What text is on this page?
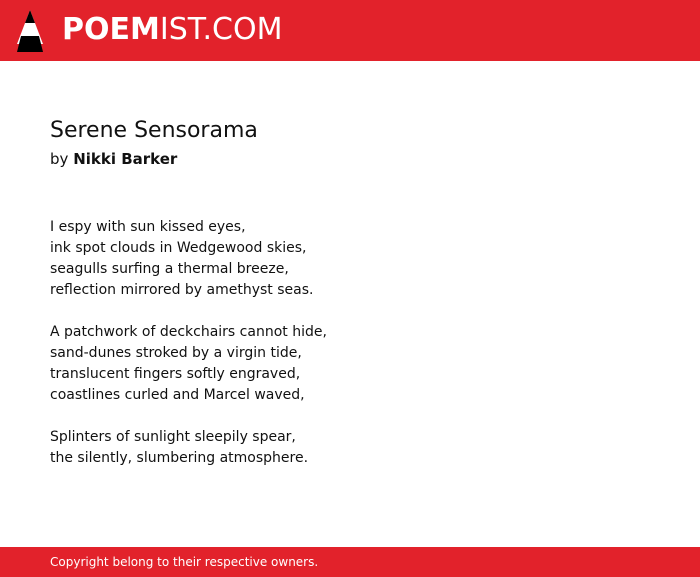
POEMIST.COM
Serene Sensorama
by Nikki Barker

I espy with sun kissed eyes,
ink spot clouds in Wedgewood skies,
seagulls surfing a thermal breeze,
reflection mirrored by amethyst seas.

A patchwork of deckchairs cannot hide,
sand-dunes stroked by a virgin tide,
translucent fingers softly engraved,
coastlines curled and Marcel waved,

Splinters of sunlight sleepily spear,
the silently, slumbering atmosphere.

Copyright belong to their respective owners.
